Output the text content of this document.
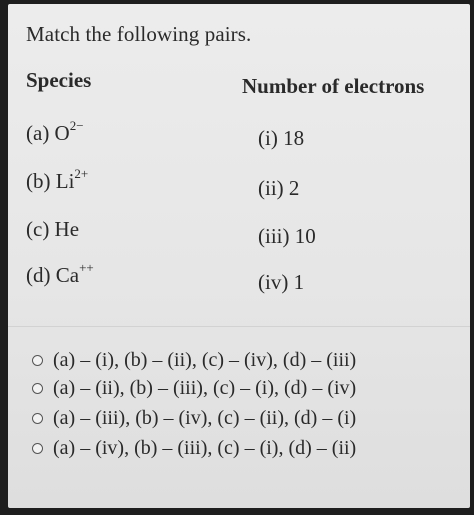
Match the following pairs.
Species	Number of electrons
(a) $O^{2-}$
(b) $Li^{2+}$
(c) He
(d) Ca++
(i) 18
(ii) 2
(iii) 10
(iv) 1
(a) – (i), (b) – (ii), (c) – (iv), (d) – (iii)
(a) – (ii), (b) – (iii), (c) – (i), (d) – (iv)
(a) – (iii), (b) – (iv), (c) – (ii), (d) – (i)
(a) – (iv), (b) – (iii), (c) – (i), (d) – (ii)
